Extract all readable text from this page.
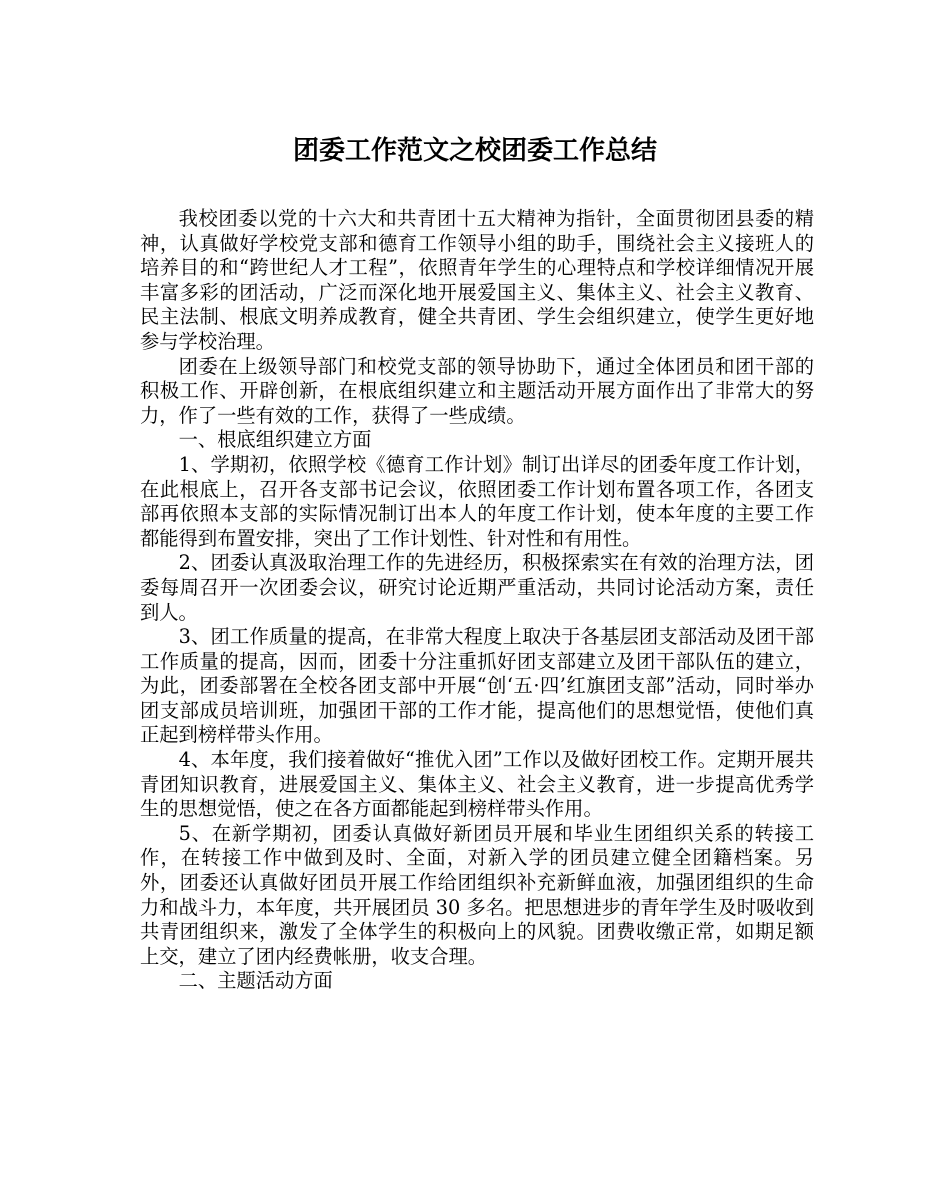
团委工作范文之校团委工作总结

我校团委以党的十六大和共青团十五大精神为指针，全面贯彻团县委的精神，认真做好学校党支部和德育工作领导小组的助手，围绕社会主义接班人的培养目的和“跨世纪人才工程”，依照青年学生的心理特点和学校详细情况开展丰富多彩的团活动，广泛而深化地开展爱国主义、集体主义、社会主义教育、民主法制、根底文明养成教育，健全共青团、学生会组织建立，使学生更好地参与学校治理。

团委在上级领导部门和校党支部的领导协助下，通过全体团员和团干部的积极工作、开辟创新，在根底组织建立和主题活动开展方面作出了非常大的努力，作了一些有效的工作，获得了一些成绩。

一、根底组织建立方面

1、学期初，依照学校《德育工作计划》制订出详尽的团委年度工作计划，在此根底上，召开各支部书记会议，依照团委工作计划布置各项工作，各团支部再依照本支部的实际情况制订出本人的年度工作计划，使本年度的主要工作都能得到布置安排，突出了工作计划性、针对性和有用性。

2、团委认真汲取治理工作的先进经历，积极探索实在有效的治理方法，团委每周召开一次团委会议，研究讨论近期严重活动，共同讨论活动方案，责任到人。

3、团工作质量的提高，在非常大程度上取决于各基层团支部活动及团干部工作质量的提高，因而，团委十分注重抓好团支部建立及团干部队伍的建立，为此，团委部署在全校各团支部中开展“创‘五·四’红旗团支部”活动，同时举办团支部成员培训班，加强团干部的工作才能，提高他们的思想觉悟，使他们真正起到榜样带头作用。

4、本年度，我们接着做好“推优入团”工作以及做好团校工作。定期开展共青团知识教育，进展爱国主义、集体主义、社会主义教育，进一步提高优秀学生的思想觉悟，使之在各方面都能起到榜样带头作用。

5、在新学期初，团委认真做好新团员开展和毕业生团组织关系的转接工作，在转接工作中做到及时、全面，对新入学的团员建立健全团籍档案。另外，团委还认真做好团员开展工作给团组织补充新鲜血液，加强团组织的生命力和战斗力，本年度，共开展团员 30 多名。把思想进步的青年学生及时吸收到共青团组织来，激发了全体学生的积极向上的风貌。团费收缴正常，如期足额上交，建立了团内经费帐册，收支合理。

二、主题活动方面
